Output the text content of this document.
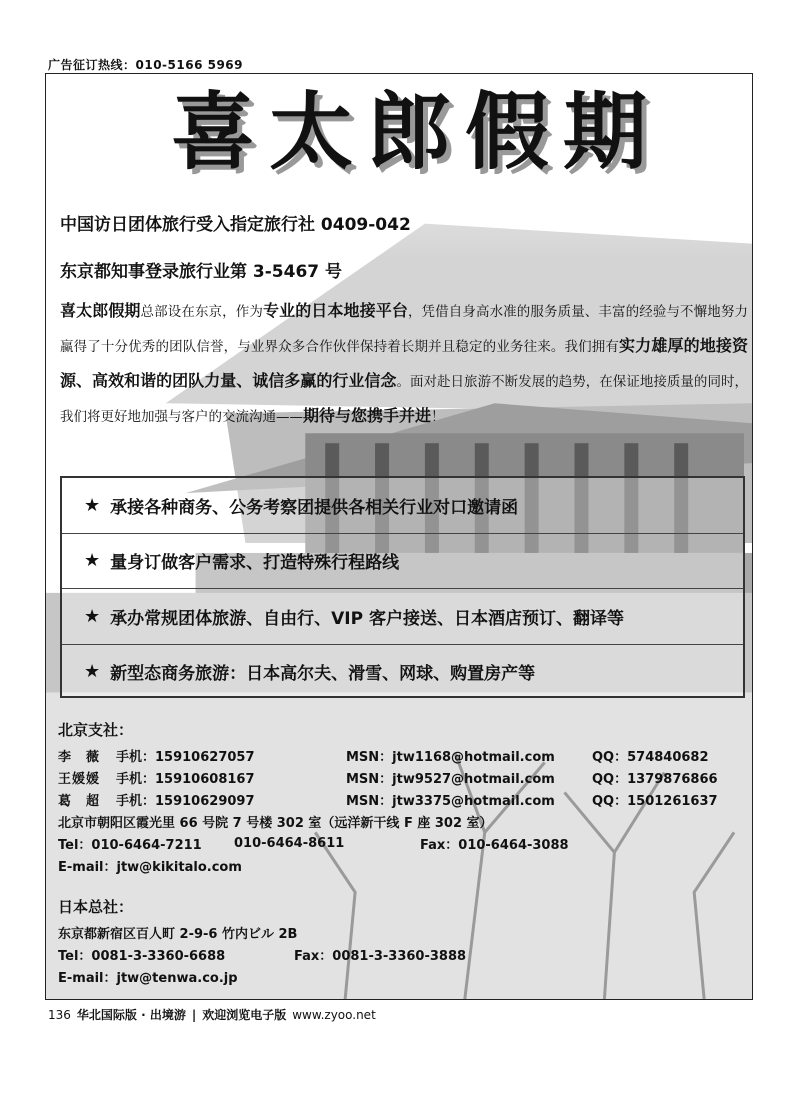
广告征订热线：010-5166 5969
喜太郎假期
中国访日团体旅行受入指定旅行社 0409-042
东京都知事登录旅行业第 3-5467 号
喜太郎假期总部设在东京，作为专业的日本地接平台，凭借自身高水准的服务质量、丰富的经验与不懈地努力赢得了十分优秀的团队信誉，与业界众多合作伙伴保持着长期并且稳定的业务往来。我们拥有实力雄厚的地接资源、高效和谐的团队力量、诚信多赢的行业信念。面对赴日旅游不断发展的趋势，在保证地接质量的同时，我们将更好地加强与客户的交流沟通——期待与您携手并进！
★ 承接各种商务、公务考察团提供各相关行业对口邀请函
★ 量身订做客户需求、打造特殊行程路线
★ 承办常规团体旅游、自由行、VIP 客户接送、日本酒店预订、翻译等
★ 新型态商务旅游：日本高尔夫、滑雪、网球、购置房产等
北京支社：
李　薇	手机：15910627057	MSN：jtw1168@hotmail.com	QQ：574840682
王媛媛	手机：15910608167	MSN：jtw9527@hotmail.com	QQ：1379876866
葛　超	手机：15910629097	MSN：jtw3375@hotmail.com	QQ：1501261637
北京市朝阳区霞光里 66 号院 7 号楼 302 室（远洋新干线 F 座 302 室）
Tel：010-6464-7211	010-6464-8611	Fax：010-6464-3088
E-mail：jtw@kikitalo.com
日本总社：
东京都新宿区百人町 2-9-6 竹内ビル 2B
Tel：0081-3-3360-6688	Fax：0081-3-3360-3888
E-mail：jtw@tenwa.co.jp
136 华北国际版 · 出境游 | 欢迎浏览电子版 www.zyoo.net
